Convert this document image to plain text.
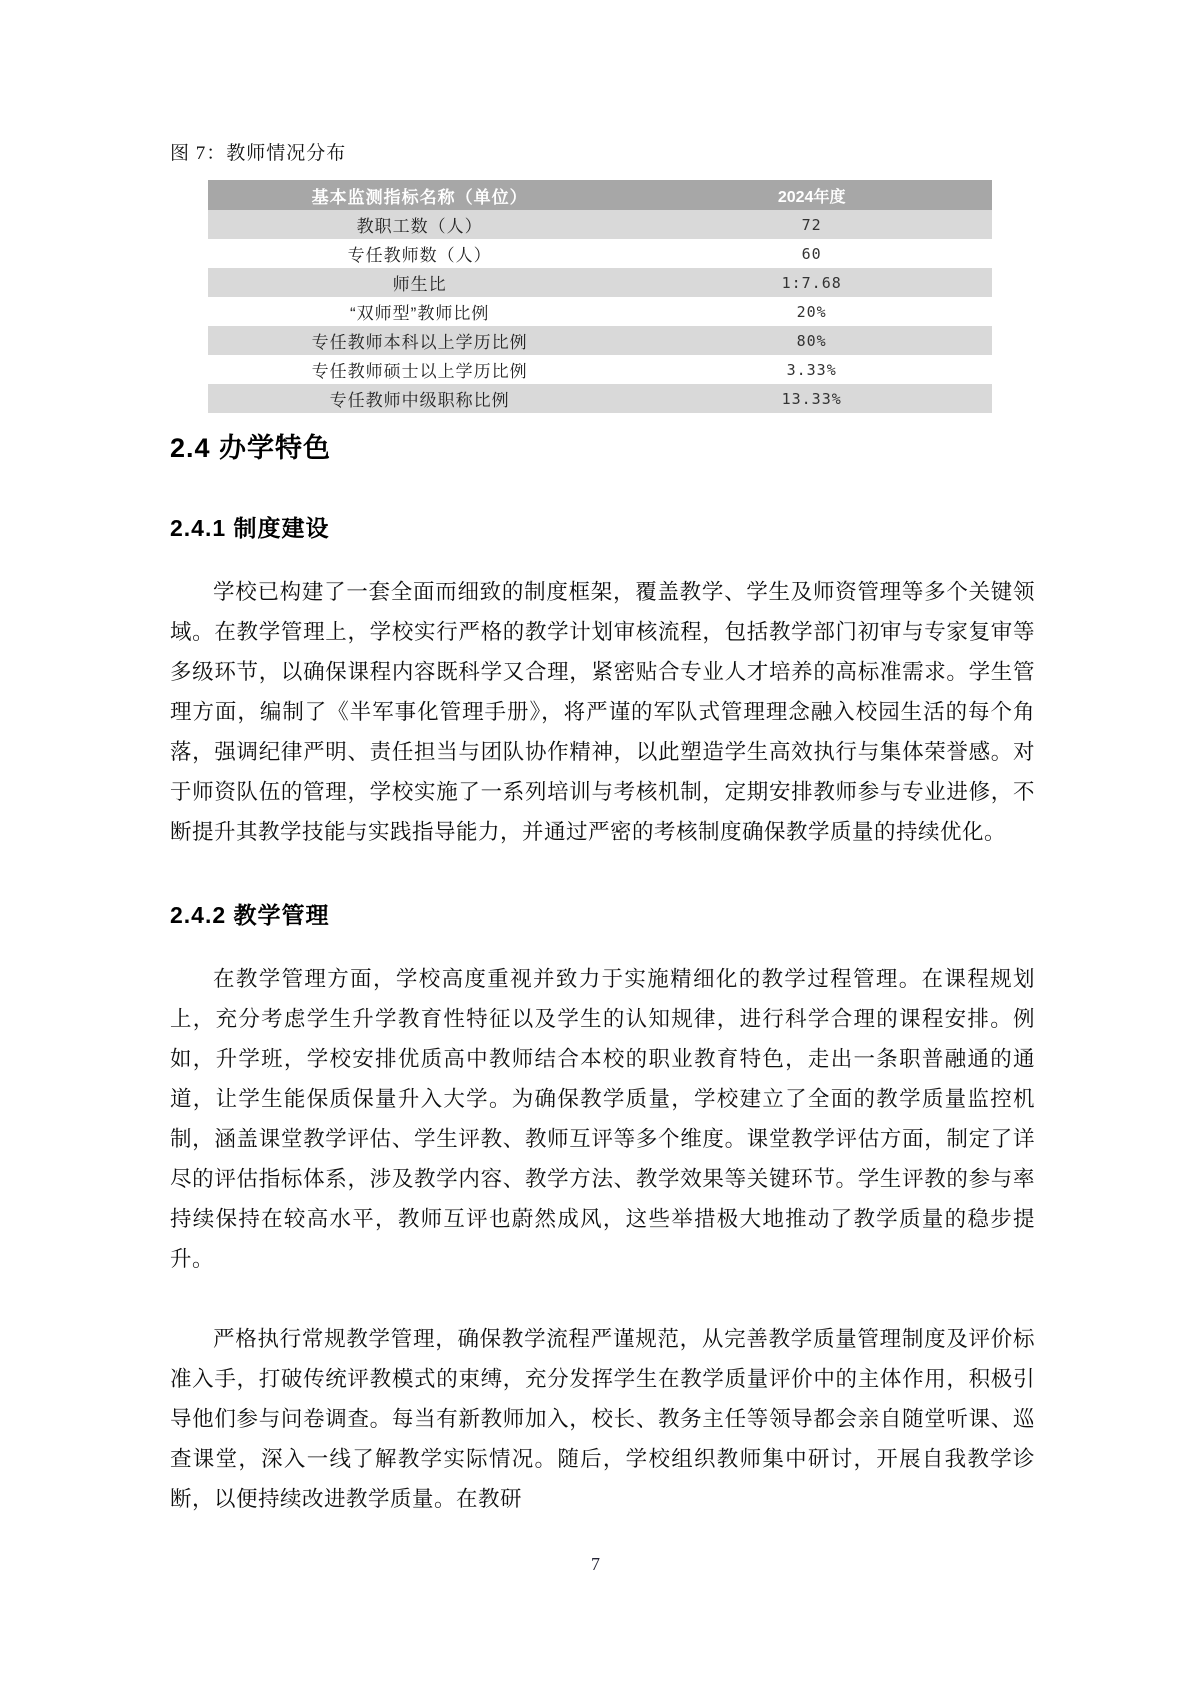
图 7：教师情况分布
基本监测指标名称（单位）	2024年度
教职工数（人）	72
专任教师数（人）	60
师生比	1:7.68
“双师型”教师比例	20%
专任教师本科以上学历比例	80%
专任教师硕士以上学历比例	3.33%
专任教师中级职称比例	13.33%
2.4 办学特色
2.4.1 制度建设
学校已构建了一套全面而细致的制度框架，覆盖教学、学生及师资管理等多个关键领域。在教学管理上，学校实行严格的教学计划审核流程，包括教学部门初审与专家复审等多级环节，以确保课程内容既科学又合理，紧密贴合专业人才培养的高标准需求。学生管理方面，编制了《半军事化管理手册》，将严谨的军队式管理理念融入校园生活的每个角落，强调纪律严明、责任担当与团队协作精神，以此塑造学生高效执行与集体荣誉感。对于师资队伍的管理，学校实施了一系列培训与考核机制，定期安排教师参与专业进修，不断提升其教学技能与实践指导能力，并通过严密的考核制度确保教学质量的持续优化。
2.4.2 教学管理
在教学管理方面，学校高度重视并致力于实施精细化的教学过程管理。在课程规划上，充分考虑学生升学教育性特征以及学生的认知规律，进行科学合理的课程安排。例如，升学班，学校安排优质高中教师结合本校的职业教育特色，走出一条职普融通的通道，让学生能保质保量升入大学。为确保教学质量，学校建立了全面的教学质量监控机制，涵盖课堂教学评估、学生评教、教师互评等多个维度。课堂教学评估方面，制定了详尽的评估指标体系，涉及教学内容、教学方法、教学效果等关键环节。学生评教的参与率持续保持在较高水平，教师互评也蔚然成风，这些举措极大地推动了教学质量的稳步提升。
严格执行常规教学管理，确保教学流程严谨规范，从完善教学质量管理制度及评价标准入手，打破传统评教模式的束缚，充分发挥学生在教学质量评价中的主体作用，积极引导他们参与问卷调查。每当有新教师加入，校长、教务主任等领导都会亲自随堂听课、巡查课堂，深入一线了解教学实际情况。随后，学校组织教师集中研讨，开展自我教学诊断，以便持续改进教学质量。在教研
7
